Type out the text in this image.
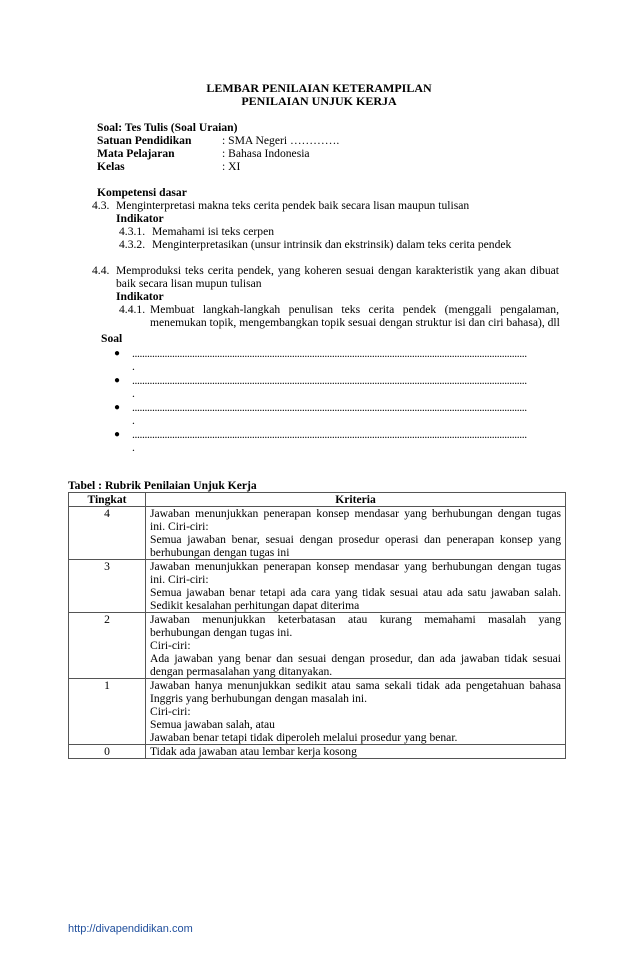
LEMBAR PENILAIAN KETERAMPILAN
PENILAIAN UNJUK KERJA
Soal: Tes Tulis (Soal Uraian)
Satuan Pendidikan	: SMA Negeri ………….
Mata Pelajaran	: Bahasa Indonesia
Kelas	: XI
Kompetensi dasar
4.3. Menginterpretasi makna teks cerita pendek baik secara lisan maupun tulisan
Indikator
4.3.1. Memahami isi teks cerpen
4.3.2. Menginterpretasikan (unsur intrinsik dan ekstrinsik) dalam teks cerita pendek
4.4. Memproduksi teks cerita pendek, yang koheren sesuai dengan karakteristik yang akan dibuat
baik secara lisan mupun tulisan
Indikator
4.4.1. Membuat langkah-langkah penulisan teks cerita pendek (menggali pengalaman,
menemukan topik, mengembangkan topik sesuai dengan struktur isi dan ciri bahasa), dll
Soal
● ..............................................................................................................................................................
.
● ..............................................................................................................................................................
.
● ..............................................................................................................................................................
.
● ..............................................................................................................................................................
.
Tabel : Rubrik Penilaian Unjuk Kerja
Tingkat	Kriteria
4	Jawaban menunjukkan penerapan konsep mendasar yang berhubungan dengan tugas
ini. Ciri-ciri:
Semua jawaban benar, sesuai dengan prosedur operasi dan penerapan konsep yang
berhubungan dengan tugas ini

3	Jawaban menunjukkan penerapan konsep mendasar yang berhubungan dengan tugas
ini. Ciri-ciri:
Semua jawaban benar tetapi ada cara yang tidak sesuai atau ada satu jawaban salah.
Sedikit kesalahan perhitungan dapat diterima

2	Jawaban menunjukkan keterbatasan atau kurang memahami masalah yang
berhubungan dengan tugas ini.
Ciri-ciri:
Ada jawaban yang benar dan sesuai dengan prosedur, dan ada jawaban tidak sesuai
dengan permasalahan yang ditanyakan.

1	Jawaban hanya menunjukkan sedikit atau sama sekali tidak ada pengetahuan bahasa
Inggris yang berhubungan dengan masalah ini.
Ciri-ciri:
Semua jawaban salah, atau
Jawaban benar tetapi tidak diperoleh melalui prosedur yang benar.

0	Tidak ada jawaban atau lembar kerja kosong
http://divapendidikan.com
